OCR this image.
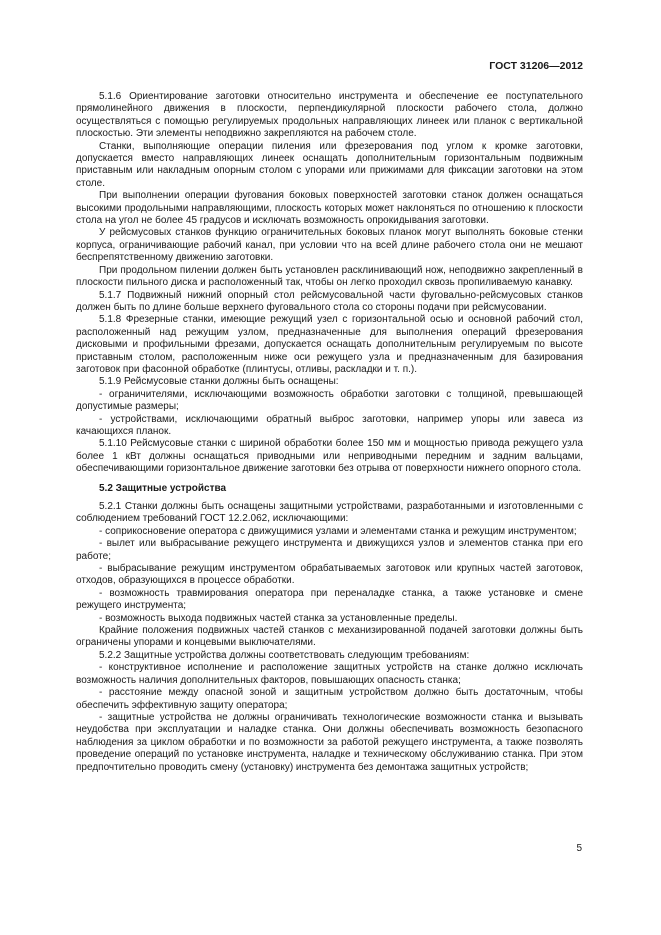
ГОСТ 31206—2012

5.1.6 Ориентирование заготовки относительно инструмента и обеспечение ее поступательного прямолинейного движения в плоскости, перпендикулярной плоскости рабочего стола, должно осуществляться с помощью регулируемых продольных направляющих линеек или планок с вертикальной плоскостью. Эти элементы неподвижно закрепляются на рабочем столе.

Станки, выполняющие операции пиления или фрезерования под углом к кромке заготовки, допускается вместо направляющих линеек оснащать дополнительным горизонтальным подвижным приставным или накладным опорным столом с упорами или прижимами для фиксации заготовки на этом столе.

При выполнении операции фугования боковых поверхностей заготовки станок должен оснащаться высокими продольными направляющими, плоскость которых может наклоняться по отношению к плоскости стола на угол не более 45 градусов и исключать возможность опрокидывания заготовки.

У рейсмусовых станков функцию ограничительных боковых планок могут выполнять боковые стенки корпуса, ограничивающие рабочий канал, при условии что на всей длине рабочего стола они не мешают беспрепятственному движению заготовки.

При продольном пилении должен быть установлен расклинивающий нож, неподвижно закрепленный в плоскости пильного диска и расположенный так, чтобы он легко проходил сквозь пропиливаемую канавку.

5.1.7 Подвижный нижний опорный стол рейсмусовальной части фуговально-рейсмусовых станков должен быть по длине больше верхнего фуговального стола со стороны подачи при рейсмусовании.

5.1.8 Фрезерные станки, имеющие режущий узел с горизонтальной осью и основной рабочий стол, расположенный над режущим узлом, предназначенные для выполнения операций фрезерования дисковыми и профильными фрезами, допускается оснащать дополнительным регулируемым по высоте приставным столом, расположенным ниже оси режущего узла и предназначенным для базирования заготовок при фасонной обработке (плинтусы, отливы, раскладки и т. п.).

5.1.9 Рейсмусовые станки должны быть оснащены:

- ограничителями, исключающими возможность обработки заготовки с толщиной, превышающей допустимые размеры;

- устройствами, исключающими обратный выброс заготовки, например упоры или завеса из качающихся планок.

5.1.10 Рейсмусовые станки с шириной обработки более 150 мм и мощностью привода режущего узла более 1 кВт должны оснащаться приводными или неприводными передним и задним вальцами, обеспечивающими горизонтальное движение заготовки без отрыва от поверхности нижнего опорного стола.

5.2 Защитные устройства

5.2.1 Станки должны быть оснащены защитными устройствами, разработанными и изготовленными с соблюдением требований ГОСТ 12.2.062, исключающими:

- соприкосновение оператора с движущимися узлами и элементами станка и режущим инструментом;

- вылет или выбрасывание режущего инструмента и движущихся узлов и элементов станка при его работе;

- выбрасывание режущим инструментом обрабатываемых заготовок или крупных частей заготовок, отходов, образующихся в процессе обработки.

- возможность травмирования оператора при переналадке станка, а также установке и смене режущего инструмента;

- возможность выхода подвижных частей станка за установленные пределы.

Крайние положения подвижных частей станков с механизированной подачей заготовки должны быть ограничены упорами и концевыми выключателями.

5.2.2 Защитные устройства должны соответствовать следующим требованиям:

- конструктивное исполнение и расположение защитных устройств на станке должно исключать возможность наличия дополнительных факторов, повышающих опасность станка;

- расстояние между опасной зоной и защитным устройством должно быть достаточным, чтобы обеспечить эффективную защиту оператора;

- защитные устройства не должны ограничивать технологические возможности станка и вызывать неудобства при эксплуатации и наладке станка. Они должны обеспечивать возможность безопасного наблюдения за циклом обработки и по возможности за работой режущего инструмента, а также позволять проведение операций по установке инструмента, наладке и техническому обслуживанию станка. При этом предпочтительно проводить смену (установку) инструмента без демонтажа защитных устройств;

5
